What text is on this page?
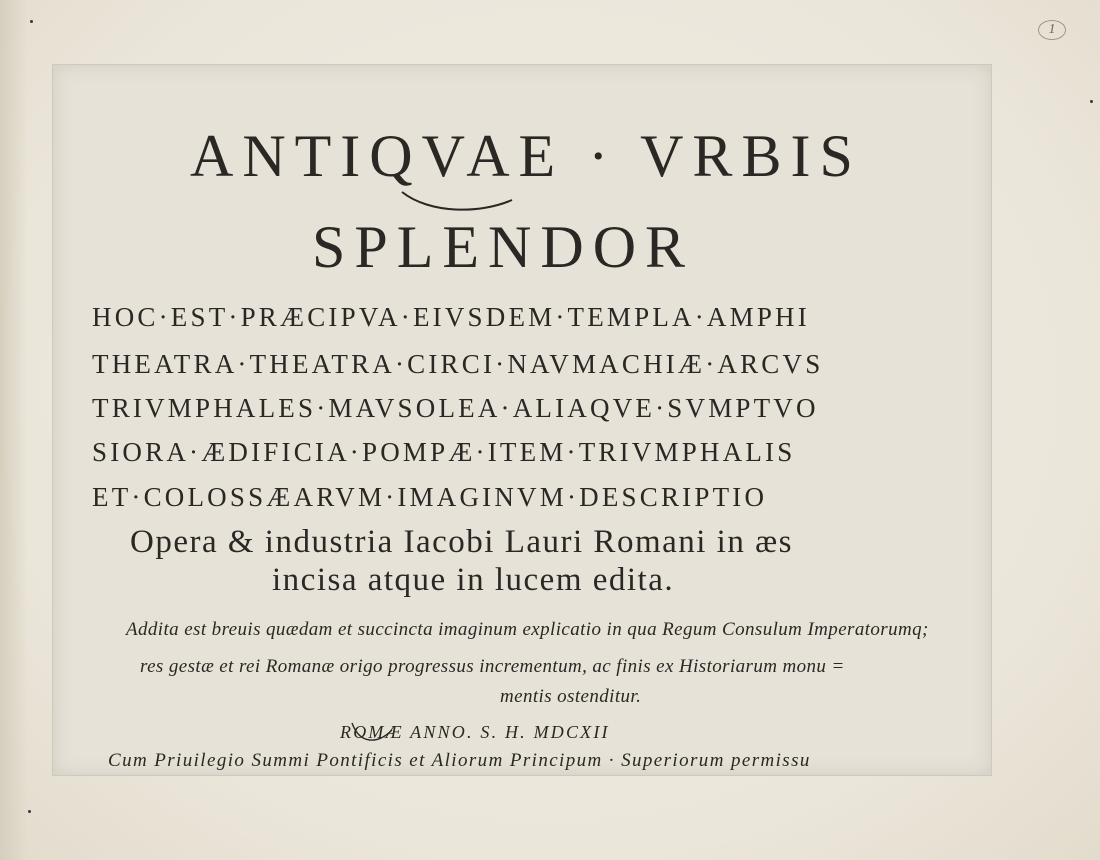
1
ANTIQVAE · VRBIS
SPLENDOR
HOC·EST·PRÆCIPVA·EIVSDEM·TEMPLA·AMPHI
THEATRA·THEATRA·CIRCI·NAVMACHIÆ·ARCVS
TRIVMPHALES·MAVSOLEA·ALIAQVE·SVMPTVO
SIORA·ÆDIFICIA·POMPÆ·ITEM·TRIVMPHALIS
ET·COLOSSÆARVM·IMAGINVM·DESCRIPTIO
Opera & industria Iacobi Lauri Romani in æs
incisa atque in lucem edita.
Addita est breuis quædam et succincta imaginum explicatio in qua Regum Consulum Imperatorumq;
res gestæ et rei Romanæ origo progressus incrementum, ac finis ex Historiarum monu =
mentis ostenditur.
ROMÆ ANNO. S. H. MDCXII
Cum Priuilegio Summi Pontificis et Aliorum Principum · Superiorum permissu
